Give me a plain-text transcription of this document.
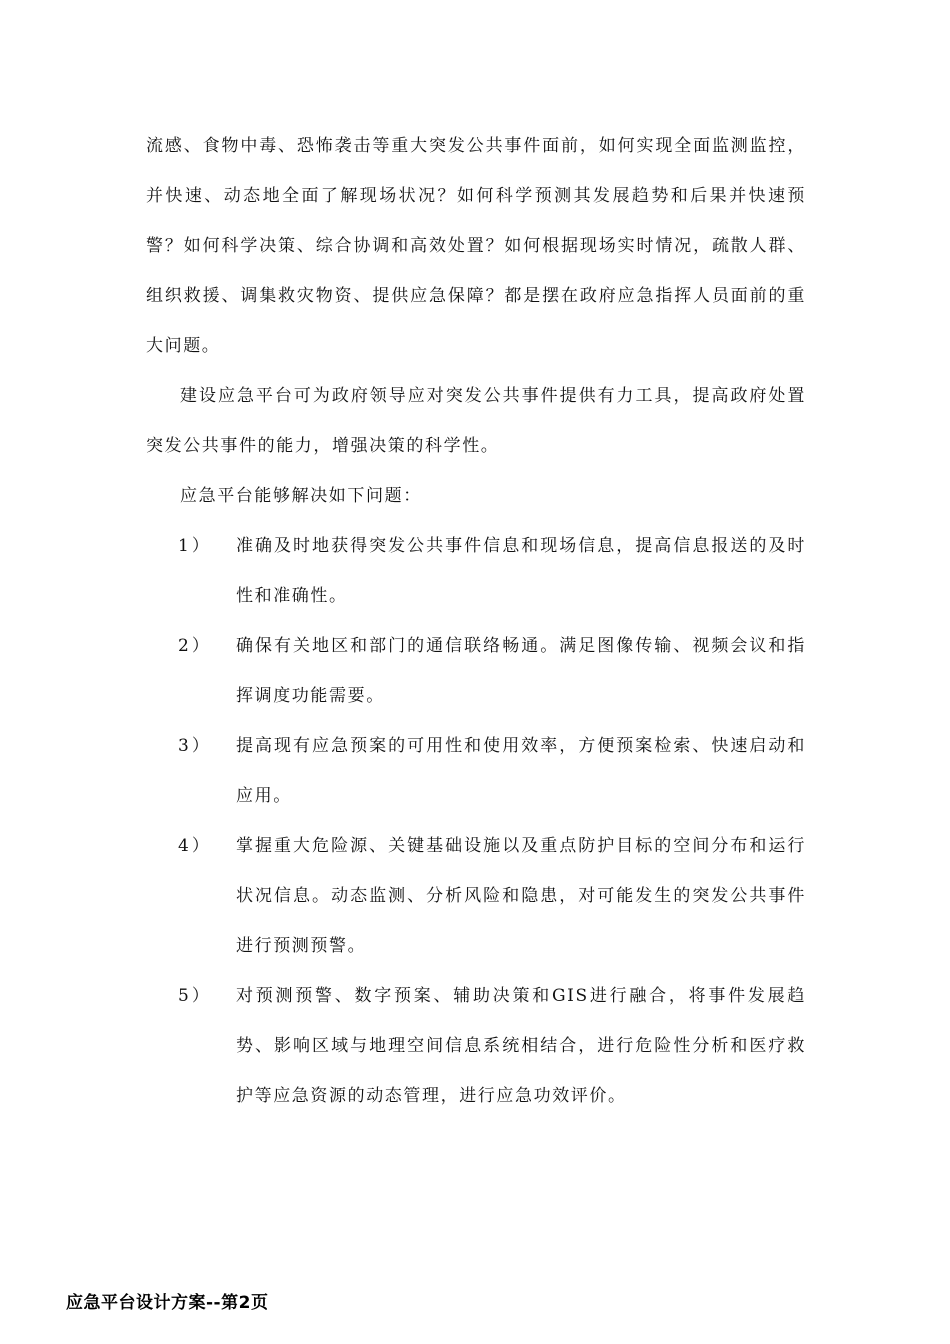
流感、食物中毒、恐怖袭击等重大突发公共事件面前，如何实现全面监测监控，并快速、动态地全面了解现场状况？如何科学预测其发展趋势和后果并快速预警？如何科学决策、综合协调和高效处置？如何根据现场实时情况，疏散人群、组织救援、调集救灾物资、提供应急保障？都是摆在政府应急指挥人员面前的重大问题。

建设应急平台可为政府领导应对突发公共事件提供有力工具，提高政府处置突发公共事件的能力，增强决策的科学性。

应急平台能够解决如下问题：

1） 准确及时地获得突发公共事件信息和现场信息，提高信息报送的及时性和准确性。
2） 确保有关地区和部门的通信联络畅通。满足图像传输、视频会议和指挥调度功能需要。
3） 提高现有应急预案的可用性和使用效率，方便预案检索、快速启动和应用。
4） 掌握重大危险源、关键基础设施以及重点防护目标的空间分布和运行状况信息。动态监测、分析风险和隐患，对可能发生的突发公共事件进行预测预警。
5） 对预测预警、数字预案、辅助决策和GIS进行融合，将事件发展趋势、影响区域与地理空间信息系统相结合，进行危险性分析和医疗救护等应急资源的动态管理，进行应急功效评价。
应急平台设计方案--第2页
